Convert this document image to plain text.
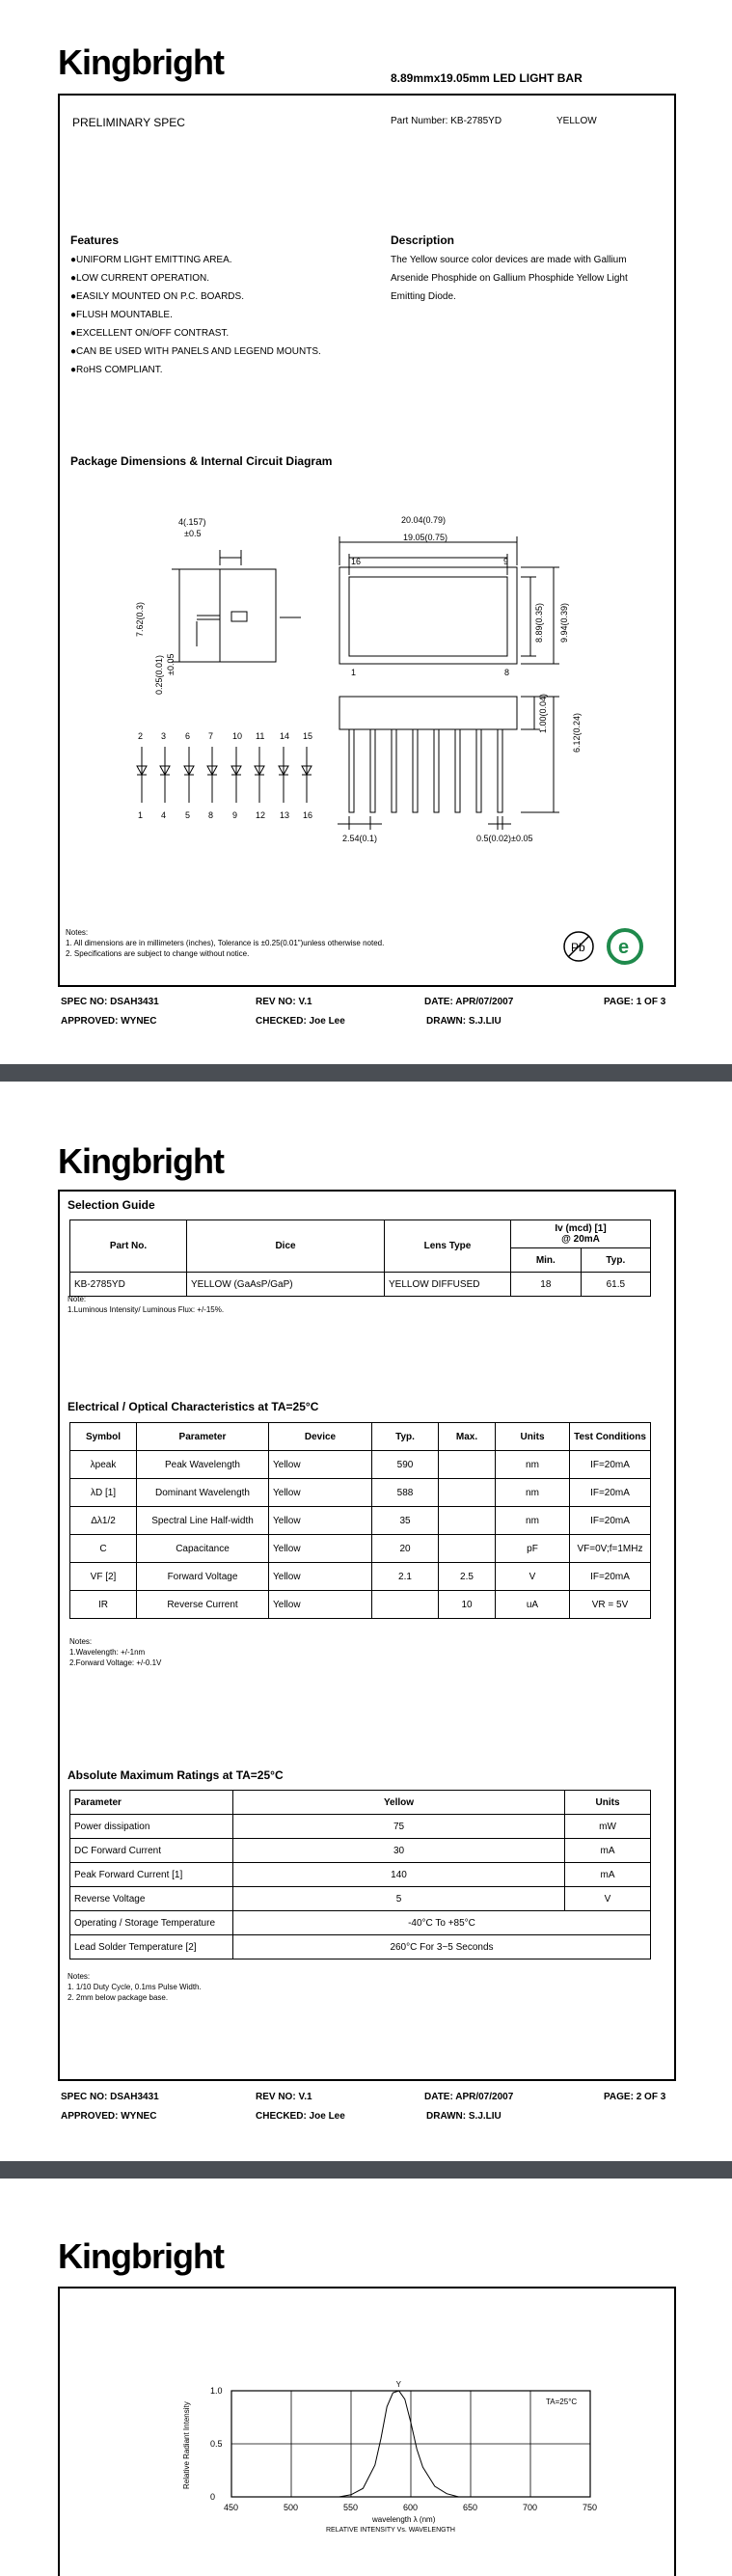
Kingbright	8.89mmx19.05mm LED LIGHT BAR
PRELIMINARY SPEC	Part Number: KB-2785YD	YELLOW
Features
●UNIFORM LIGHT EMITTING AREA.
●LOW CURRENT OPERATION.
●EASILY MOUNTED ON P.C. BOARDS.
●FLUSH MOUNTABLE.
●EXCELLENT ON/OFF CONTRAST.
●CAN BE USED WITH PANELS AND LEGEND MOUNTS.
●RoHS COMPLIANT.
Description
The Yellow source color devices are made with Gallium
Arsenide Phosphide on Gallium Phosphide Yellow Light
Emitting Diode.
Package Dimensions & Internal Circuit Diagram
4(.157)
±0.5
7.62(0.3)
0.25(0.01) ±0.05
20.04(0.79)
19.05(0.75)
16	9
1	8
8.89(0.35) 9.94(0.39)
1.00(0.04)	6.12(0.24)
2.54(0.1)	0.5(0.02)±0.05
2 3 6 7 10 11 14 15
1 4 5 8 9 12 13 16
Notes:
1. All dimensions are in millimeters (inches), Tolerance is ±0.25(0.01")unless otherwise noted.
2. Specifications are subject to change without notice.	Pb e
SPEC NO: DSAH3431	REV NO: V.1	DATE: APR/07/2007	PAGE: 1 OF 3
APPROVED: WYNEC	CHECKED: Joe Lee	DRAWN: S.J.LIU
Kingbright
Selection Guide
Part No.	Dice	Lens Type	Iv (mcd) [1]
@ 20mA	
			Min.	Typ.
KB-2785YD	YELLOW (GaAsP/GaP)	YELLOW DIFFUSED	18	61.5
Note:
1.Luminous Intensity/ Luminous Flux: +/-15%.
Electrical / Optical Characteristics at TA=25°C
Symbol	Parameter	Device	Typ.	Max.	Units	Test Conditions
λpeak	Peak Wavelength	Yellow	590		nm	IF=20mA
λD [1]	Dominant Wavelength	Yellow	588		nm	IF=20mA
Δλ1/2	Spectral Line Half-width	Yellow	35		nm	IF=20mA
C	Capacitance	Yellow	20		pF	VF=0V;f=1MHz
VF [2]	Forward Voltage	Yellow	2.1	2.5	V	IF=20mA
IR	Reverse Current	Yellow		10	uA	VR = 5V
Notes:
1.Wavelength: +/-1nm
2.Forward Voltage: +/-0.1V
Absolute Maximum Ratings at TA=25°C
Parameter	Yellow	Units
Power dissipation	75	mW
DC Forward Current	30	mA
Peak Forward Current [1]	140	mA
Reverse Voltage	5	V
Operating / Storage Temperature	-40°C To +85°C	
Lead Solder Temperature [2]	260°C For 3~5 Seconds	
Notes:
1. 1/10 Duty Cycle, 0.1ms Pulse Width.
2. 2mm below package base.
SPEC NO: DSAH3431	REV NO: V.1	DATE: APR/07/2007	PAGE: 2 OF 3
APPROVED: WYNEC	CHECKED: Joe Lee	DRAWN: S.J.LIU
Kingbright
450	500	550	600	650	700	750
0
0.5
1.0
Y
TA=25°C
Relative Radiant Intensity
wavelength λ (nm)
RELATIVE INTENSITY Vs. WAVELENGTH
